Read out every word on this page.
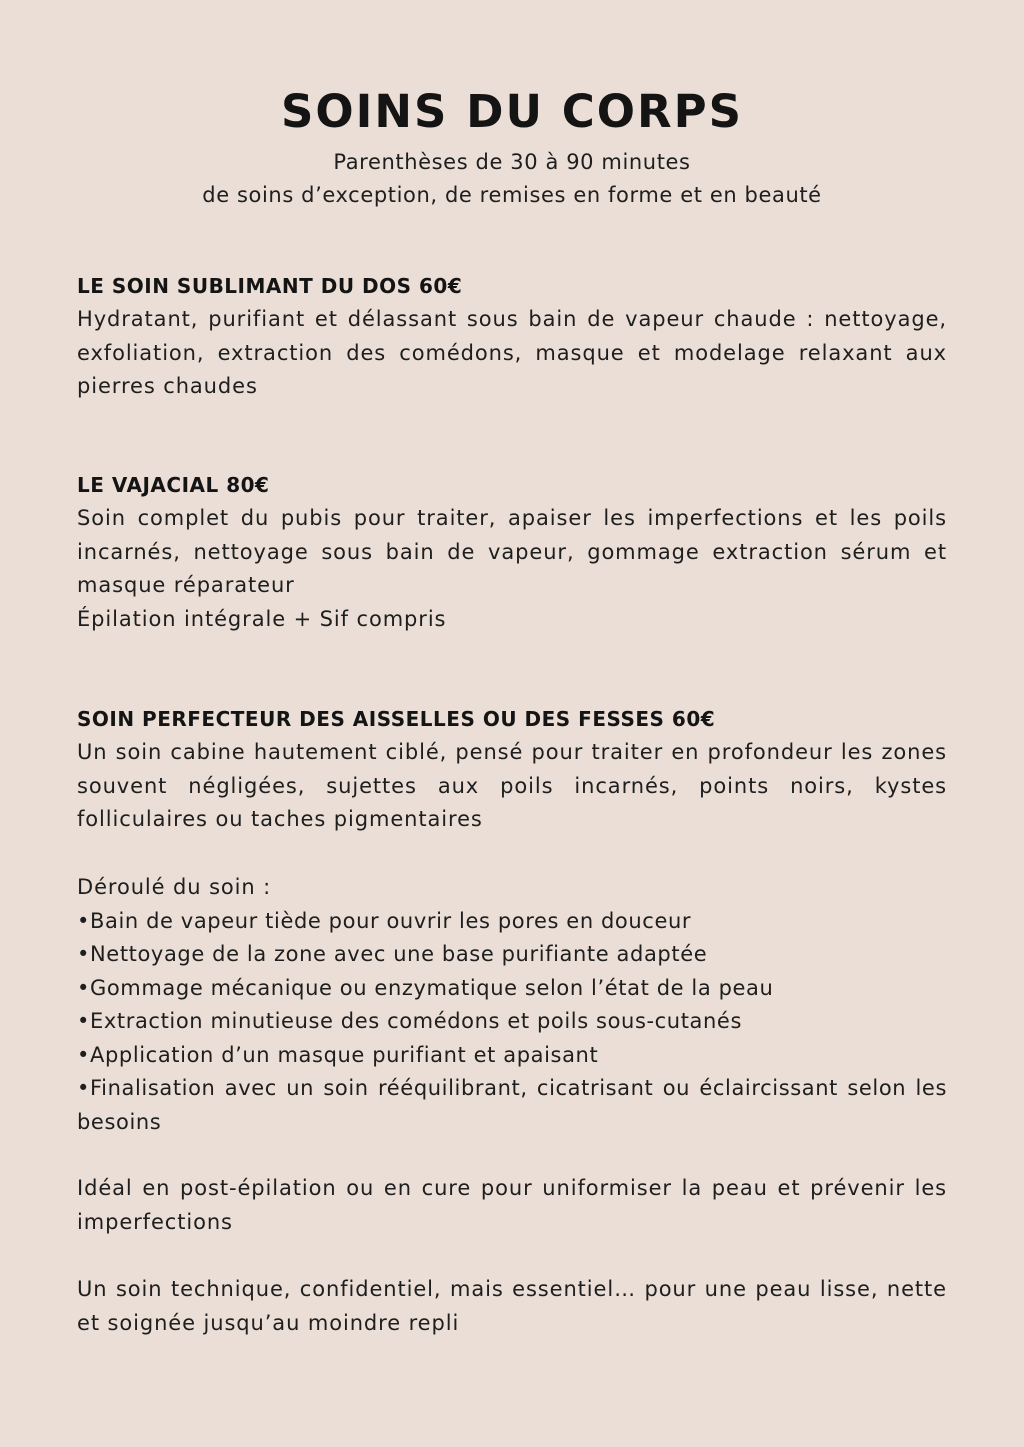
SOINS DU CORPS

Parenthèses de 30 à 90 minutes
de soins d’exception, de remises en forme et en beauté

LE SOIN SUBLIMANT DU DOS 60€

Hydratant, purifiant et délassant sous bain de vapeur chaude : nettoyage, exfoliation, extraction des comédons, masque et modelage relaxant aux pierres chaudes

LE VAJACIAL 80€

Soin complet du pubis pour traiter, apaiser les imperfections et les poils incarnés, nettoyage sous bain de vapeur, gommage extraction sérum et masque réparateur

Épilation intégrale + Sif compris

SOIN PERFECTEUR DES AISSELLES OU DES FESSES 60€

Un soin cabine hautement ciblé, pensé pour traiter en profondeur les zones souvent négligées, sujettes aux poils incarnés, points noirs, kystes folliculaires ou taches pigmentaires

Déroulé du soin :

•Bain de vapeur tiède pour ouvrir les pores en douceur

•Nettoyage de la zone avec une base purifiante adaptée

•Gommage mécanique ou enzymatique selon l’état de la peau

•Extraction minutieuse des comédons et poils sous-cutanés

•Application d’un masque purifiant et apaisant

•Finalisation avec un soin rééquilibrant, cicatrisant ou éclaircissant selon les besoins

Idéal en post-épilation ou en cure pour uniformiser la peau et prévenir les imperfections

Un soin technique, confidentiel, mais essentiel… pour une peau lisse, nette et soignée jusqu’au moindre repli
